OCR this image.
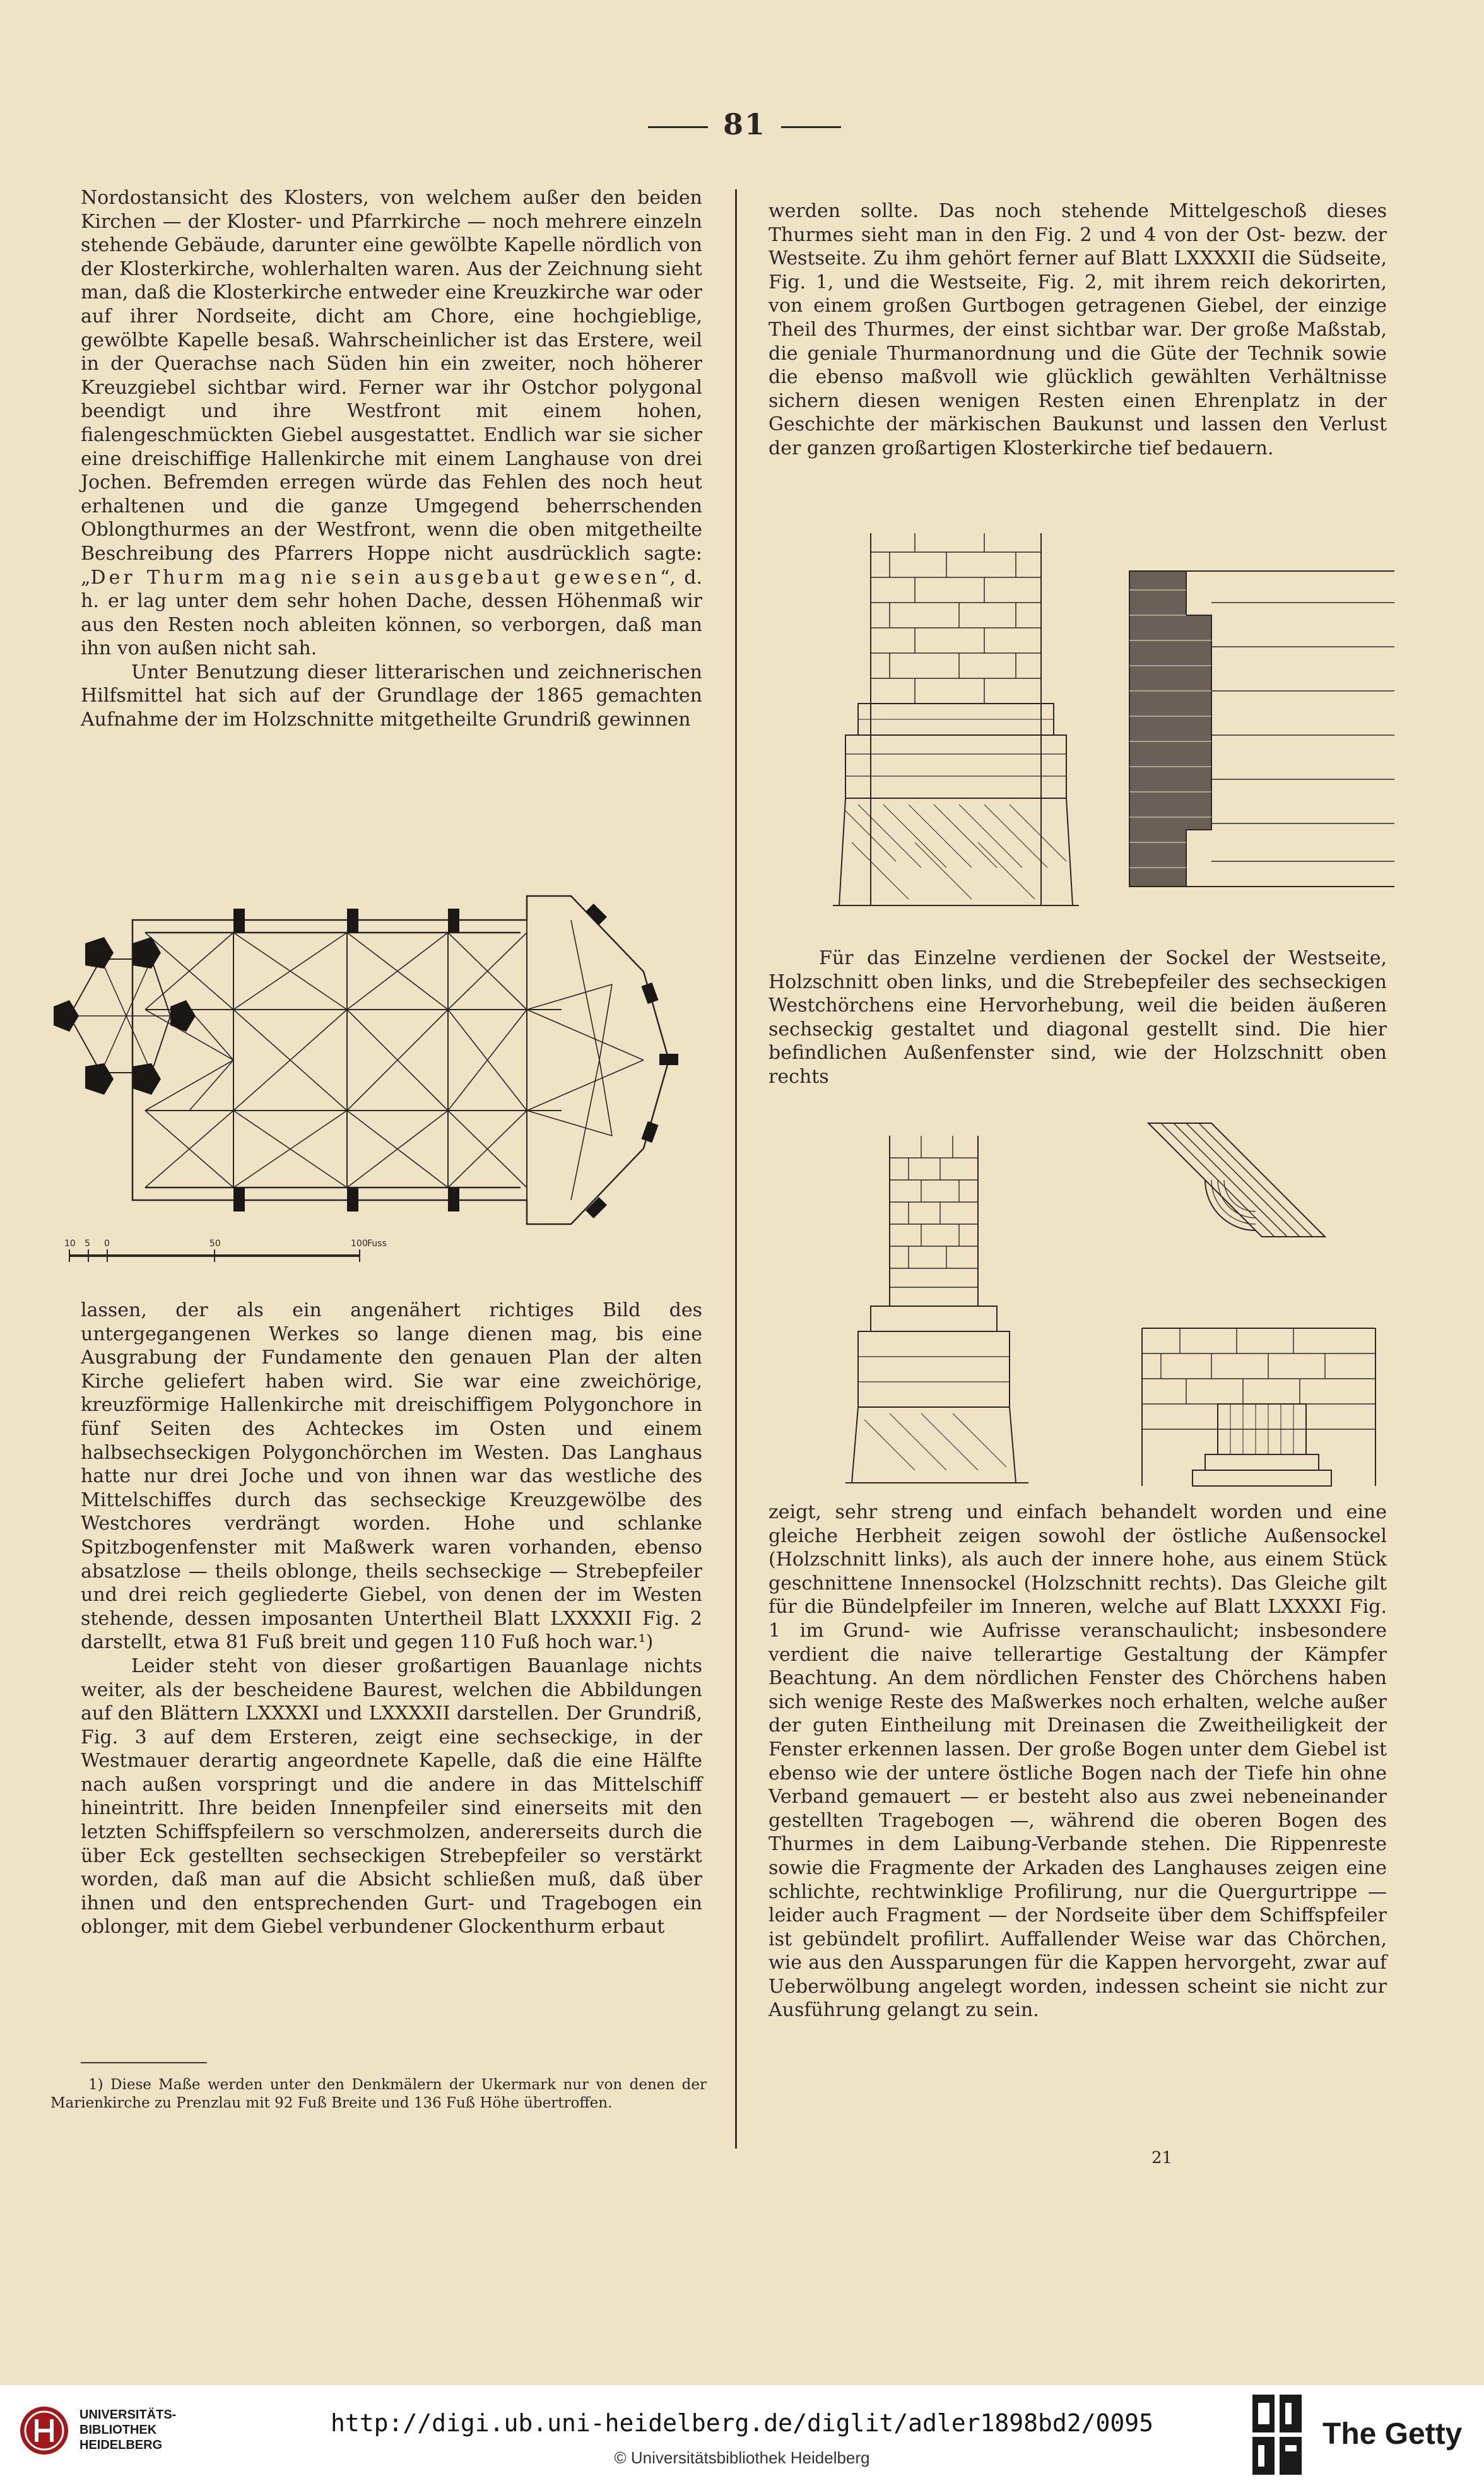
81

Nordostansicht des Klosters, von welchem außer den beiden Kirchen — der Kloster- und Pfarrkirche — noch mehrere einzeln stehende Gebäude, darunter eine gewölbte Kapelle nördlich von der Klosterkirche, wohlerhalten waren. Aus der Zeichnung sieht man, daß die Klosterkirche entweder eine Kreuzkirche war oder auf ihrer Nordseite, dicht am Chore, eine hochgieblige, gewölbte Kapelle besaß. Wahrscheinlicher ist das Erstere, weil in der Querachse nach Süden hin ein zweiter, noch höherer Kreuzgiebel sichtbar wird. Ferner war ihr Ostchor polygonal beendigt und ihre Westfront mit einem hohen, fialengeschmückten Giebel ausgestattet. Endlich war sie sicher eine dreischiffige Hallenkirche mit einem Langhause von drei Jochen. Befremden erregen würde das Fehlen des noch heut erhaltenen und die ganze Umgegend beherrschenden Oblongthurmes an der Westfront, wenn die oben mitgetheilte Beschreibung des Pfarrers Hoppe nicht ausdrücklich sagte: „Der Thurm mag nie sein ausgebaut gewesen“, d. h. er lag unter dem sehr hohen Dache, dessen Höhenmaß wir aus den Resten noch ableiten können, so verborgen, daß man ihn von außen nicht sah.

Unter Benutzung dieser litterarischen und zeichnerischen Hilfsmittel hat sich auf der Grundlage der 1865 gemachten Aufnahme der im Holzschnitte mitgetheilte Grundriß gewinnen

10 5 0	50	100 Fuss

lassen, der als ein angenähert richtiges Bild des untergegangenen Werkes so lange dienen mag, bis eine Ausgrabung der Fundamente den genauen Plan der alten Kirche geliefert haben wird. Sie war eine zweichörige, kreuzförmige Hallenkirche mit dreischiffigem Polygonchore in fünf Seiten des Achteckes im Osten und einem halbsechseckigen Polygonchörchen im Westen. Das Langhaus hatte nur drei Joche und von ihnen war das westliche des Mittelschiffes durch das sechseckige Kreuzgewölbe des Westchores verdrängt worden. Hohe und schlanke Spitzbogenfenster mit Maßwerk waren vorhanden, ebenso absatzlose — theils oblonge, theils sechseckige — Strebepfeiler und drei reich gegliederte Giebel, von denen der im Westen stehende, dessen imposanten Untertheil Blatt LXXXXII Fig. 2 darstellt, etwa 81 Fuß breit und gegen 110 Fuß hoch war.¹)

Leider steht von dieser großartigen Bauanlage nichts weiter, als der bescheidene Baurest, welchen die Abbildungen auf den Blättern LXXXXI und LXXXXII darstellen. Der Grundriß, Fig. 3 auf dem Ersteren, zeigt eine sechseckige, in der Westmauer derartig angeordnete Kapelle, daß die eine Hälfte nach außen vorspringt und die andere in das Mittelschiff hineintritt. Ihre beiden Innenpfeiler sind einerseits mit den letzten Schiffspfeilern so verschmolzen, andererseits durch die über Eck gestellten sechseckigen Strebepfeiler so verstärkt worden, daß man auf die Absicht schließen muß, daß über ihnen und den entsprechenden Gurt- und Tragebogen ein oblonger, mit dem Giebel verbundener Glockenthurm erbaut

1) Diese Maße werden unter den Denkmälern der Ukermark nur von denen der Marienkirche zu Prenzlau mit 92 Fuß Breite und 136 Fuß Höhe übertroffen.

werden sollte. Das noch stehende Mittelgeschoß dieses Thurmes sieht man in den Fig. 2 und 4 von der Ost- bezw. der Westseite. Zu ihm gehört ferner auf Blatt LXXXXII die Südseite, Fig. 1, und die Westseite, Fig. 2, mit ihrem reich dekorirten, von einem großen Gurtbogen getragenen Giebel, der einzige Theil des Thurmes, der einst sichtbar war. Der große Maßstab, die geniale Thurmanordnung und die Güte der Technik sowie die ebenso maßvoll wie glücklich gewählten Verhältnisse sichern diesen wenigen Resten einen Ehrenplatz in der Geschichte der märkischen Baukunst und lassen den Verlust der ganzen großartigen Klosterkirche tief bedauern.

Für das Einzelne verdienen der Sockel der Westseite, Holzschnitt oben links, und die Strebepfeiler des sechseckigen Westchörchens eine Hervorhebung, weil die beiden äußeren sechseckig gestaltet und diagonal gestellt sind. Die hier befindlichen Außenfenster sind, wie der Holzschnitt oben rechts

zeigt, sehr streng und einfach behandelt worden und eine gleiche Herbheit zeigen sowohl der östliche Außensockel (Holzschnitt links), als auch der innere hohe, aus einem Stück geschnittene Innensockel (Holzschnitt rechts). Das Gleiche gilt für die Bündelpfeiler im Inneren, welche auf Blatt LXXXXI Fig. 1 im Grund- wie Aufrisse veranschaulicht; insbesondere verdient die naive tellerartige Gestaltung der Kämpfer Beachtung. An dem nördlichen Fenster des Chörchens haben sich wenige Reste des Maßwerkes noch erhalten, welche außer der guten Eintheilung mit Dreinasen die Zweitheiligkeit der Fenster erkennen lassen. Der große Bogen unter dem Giebel ist ebenso wie der untere östliche Bogen nach der Tiefe hin ohne Verband gemauert — er besteht also aus zwei nebeneinander gestellten Tragebogen —, während die oberen Bogen des Thurmes in dem Laibung-Verbande stehen. Die Rippenreste sowie die Fragmente der Arkaden des Langhauses zeigen eine schlichte, rechtwinklige Profilirung, nur die Quergurtrippe — leider auch Fragment — der Nordseite über dem Schiffspfeiler ist gebündelt profilirt. Auffallender Weise war das Chörchen, wie aus den Aussparungen für die Kappen hervorgeht, zwar auf Ueberwölbung angelegt worden, indessen scheint sie nicht zur Ausführung gelangt zu sein.

21
UNIVERSITÄTS-
BIBLIOTHEK
HEIDELBERG
http://digi.ub.uni-heidelberg.de/diglit/adler1898bd2/0095
© Universitätsbibliothek Heidelberg
The Getty
